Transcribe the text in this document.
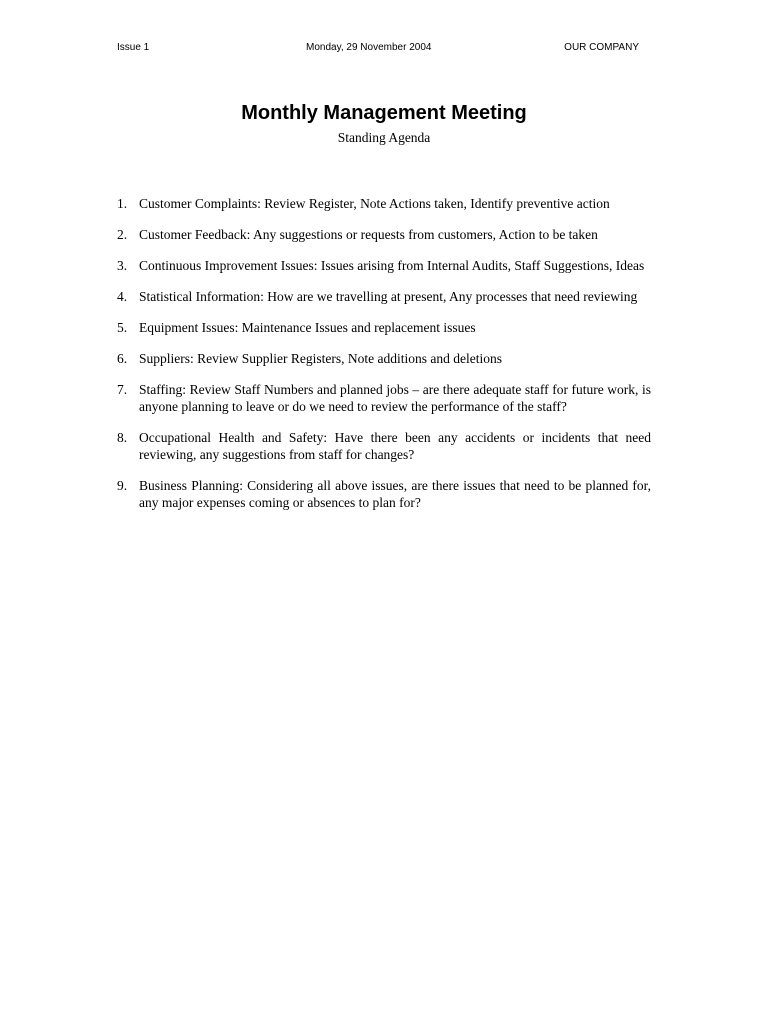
Issue 1	Monday, 29 November 2004	OUR COMPANY
Monthly Management Meeting
Standing Agenda
1. Customer Complaints: Review Register, Note Actions taken, Identify preventive action
2. Customer Feedback: Any suggestions or requests from customers, Action to be taken
3. Continuous Improvement Issues: Issues arising from Internal Audits, Staff Suggestions, Ideas
4. Statistical Information: How are we travelling at present, Any processes that need reviewing
5. Equipment Issues: Maintenance Issues and replacement issues
6. Suppliers: Review Supplier Registers, Note additions and deletions
7. Staffing: Review Staff Numbers and planned jobs – are there adequate staff for future work, is anyone planning to leave or do we need to review the performance of the staff?
8. Occupational Health and Safety: Have there been any accidents or incidents that need reviewing, any suggestions from staff for changes?
9. Business Planning: Considering all above issues, are there issues that need to be planned for, any major expenses coming or absences to plan for?
